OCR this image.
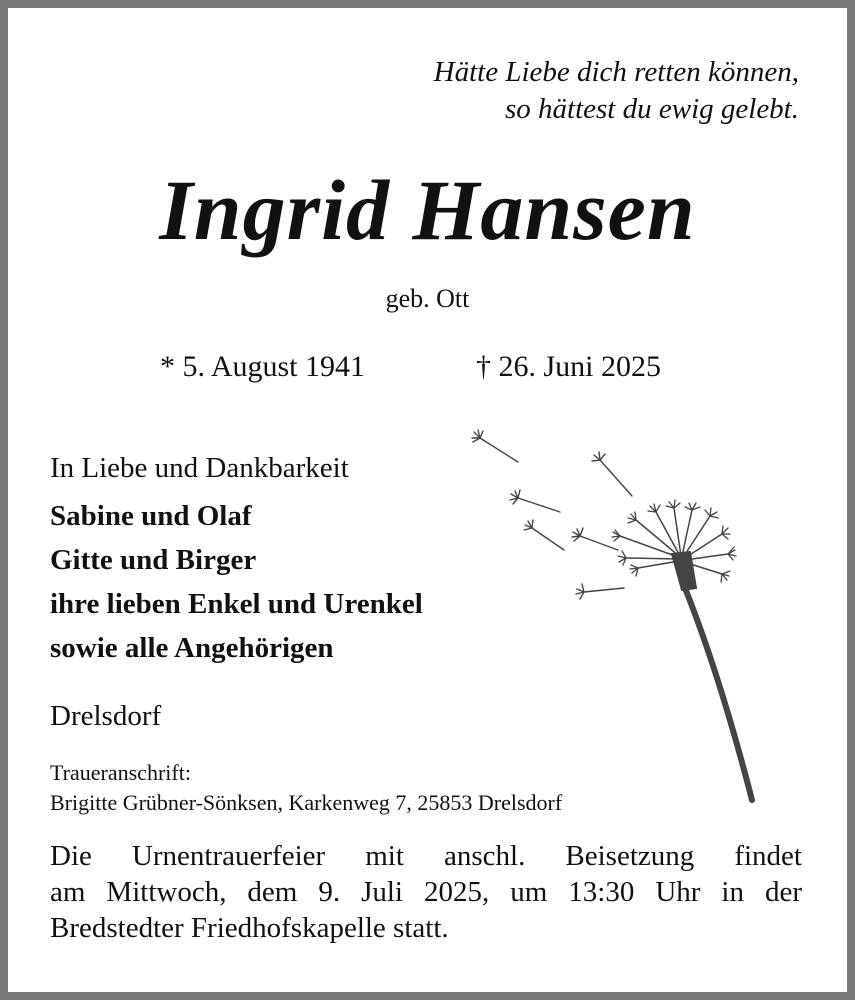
Hätte Liebe dich retten können,

so hättest du ewig gelebt.

Ingrid Hansen

geb. Ott

* 5. August 1941	† 26. Juni 2025

In Liebe und Dankbarkeit

Sabine und Olaf

Gitte und Birger

ihre lieben Enkel und Urenkel

sowie alle Angehörigen

Drelsdorf

Traueranschrift:

Brigitte Grübner-Sönksen, Karkenweg 7, 25853 Drelsdorf

Die Urnentrauerfeier mit anschl. Beisetzung findet
am Mittwoch, dem 9. Juli 2025, um 13:30 Uhr in der
Bredstedter Friedhofskapelle statt.
